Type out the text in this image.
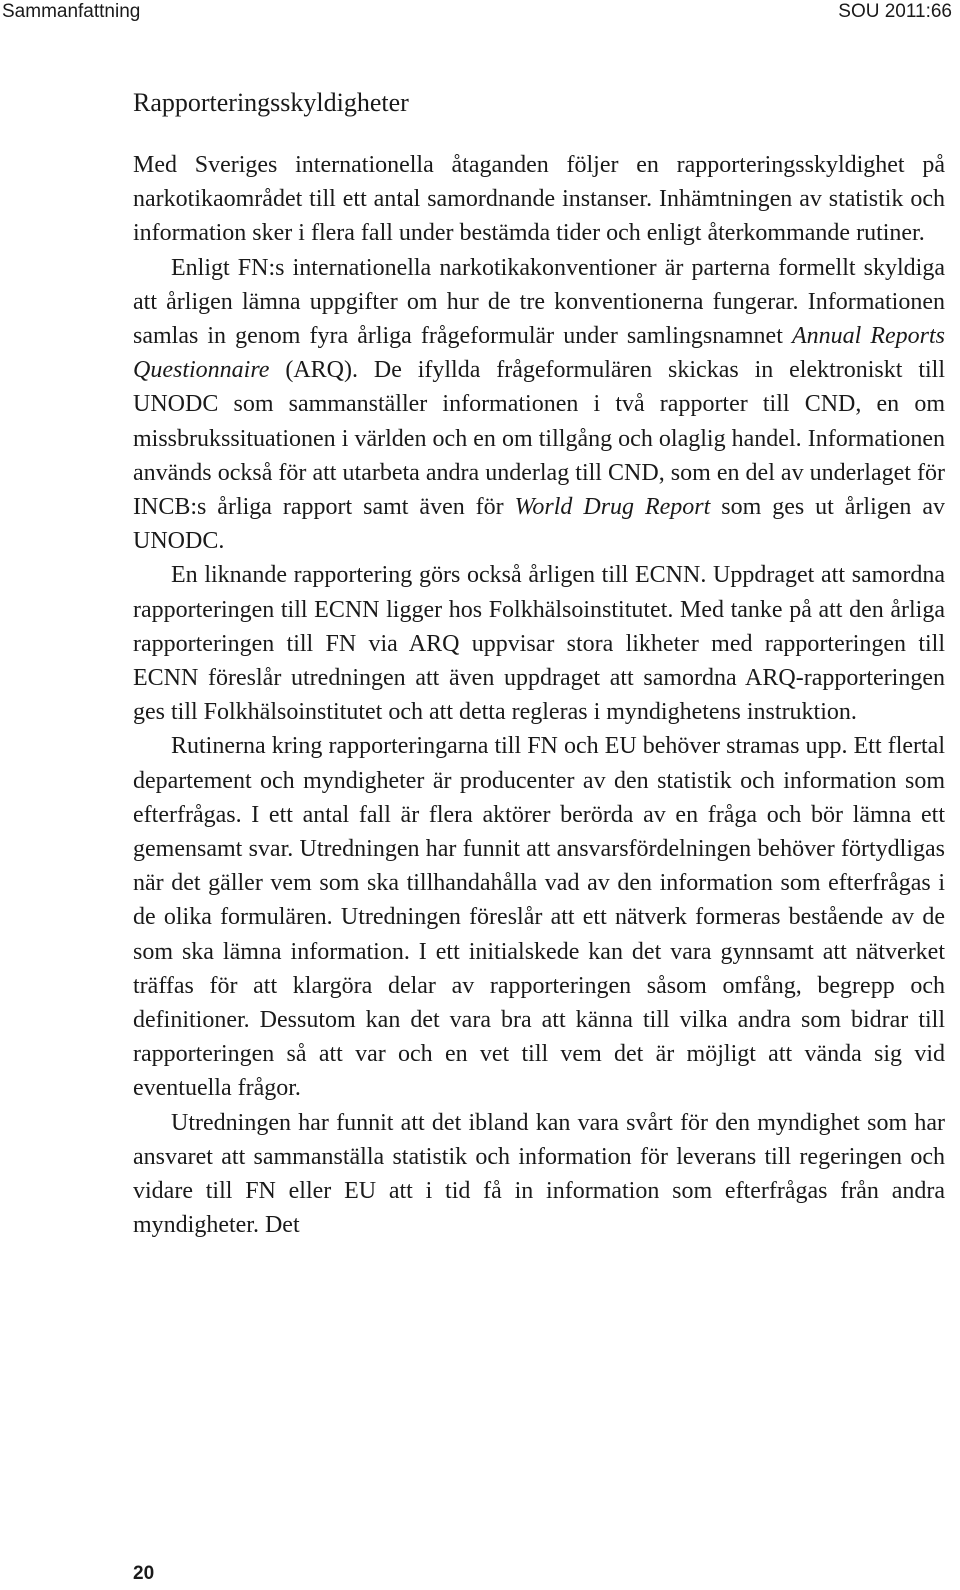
Sammanfattning	SOU 2011:66
Rapporteringsskyldigheter

Med Sveriges internationella åtaganden följer en rapporteringsskyldighet på narkotikaområdet till ett antal samordnande instanser. Inhämtningen av statistik och information sker i flera fall under bestämda tider och enligt återkommande rutiner.

Enligt FN:s internationella narkotikakonventioner är parterna formellt skyldiga att årligen lämna uppgifter om hur de tre konventionerna fungerar. Informationen samlas in genom fyra årliga frågeformulär under samlingsnamnet Annual Reports Questionnaire (ARQ). De ifyllda frågeformulären skickas in elektroniskt till UNODC som sammanställer informationen i två rapporter till CND, en om missbrukssituationen i världen och en om tillgång och olaglig handel. Informationen används också för att utarbeta andra underlag till CND, som en del av underlaget för INCB:s årliga rapport samt även för World Drug Report som ges ut årligen av UNODC.

En liknande rapportering görs också årligen till ECNN. Uppdraget att samordna rapporteringen till ECNN ligger hos Folkhälsoinstitutet. Med tanke på att den årliga rapporteringen till FN via ARQ uppvisar stora likheter med rapporteringen till ECNN föreslår utredningen att även uppdraget att samordna ARQ-rapporteringen ges till Folkhälsoinstitutet och att detta regleras i myndighetens instruktion.

Rutinerna kring rapporteringarna till FN och EU behöver stramas upp. Ett flertal departement och myndigheter är producenter av den statistik och information som efterfrågas. I ett antal fall är flera aktörer berörda av en fråga och bör lämna ett gemensamt svar. Utredningen har funnit att ansvarsfördelningen behöver förtydligas när det gäller vem som ska tillhandahålla vad av den information som efterfrågas i de olika formulären. Utredningen föreslår att ett nätverk formeras bestående av de som ska lämna information. I ett initialskede kan det vara gynnsamt att nätverket träffas för att klargöra delar av rapporteringen såsom omfång, begrepp och definitioner. Dessutom kan det vara bra att känna till vilka andra som bidrar till rapporteringen så att var och en vet till vem det är möjligt att vända sig vid eventuella frågor.

Utredningen har funnit att det ibland kan vara svårt för den myndighet som har ansvaret att sammanställa statistik och information för leverans till regeringen och vidare till FN eller EU att i tid få in information som efterfrågas från andra myndigheter. Det

20
